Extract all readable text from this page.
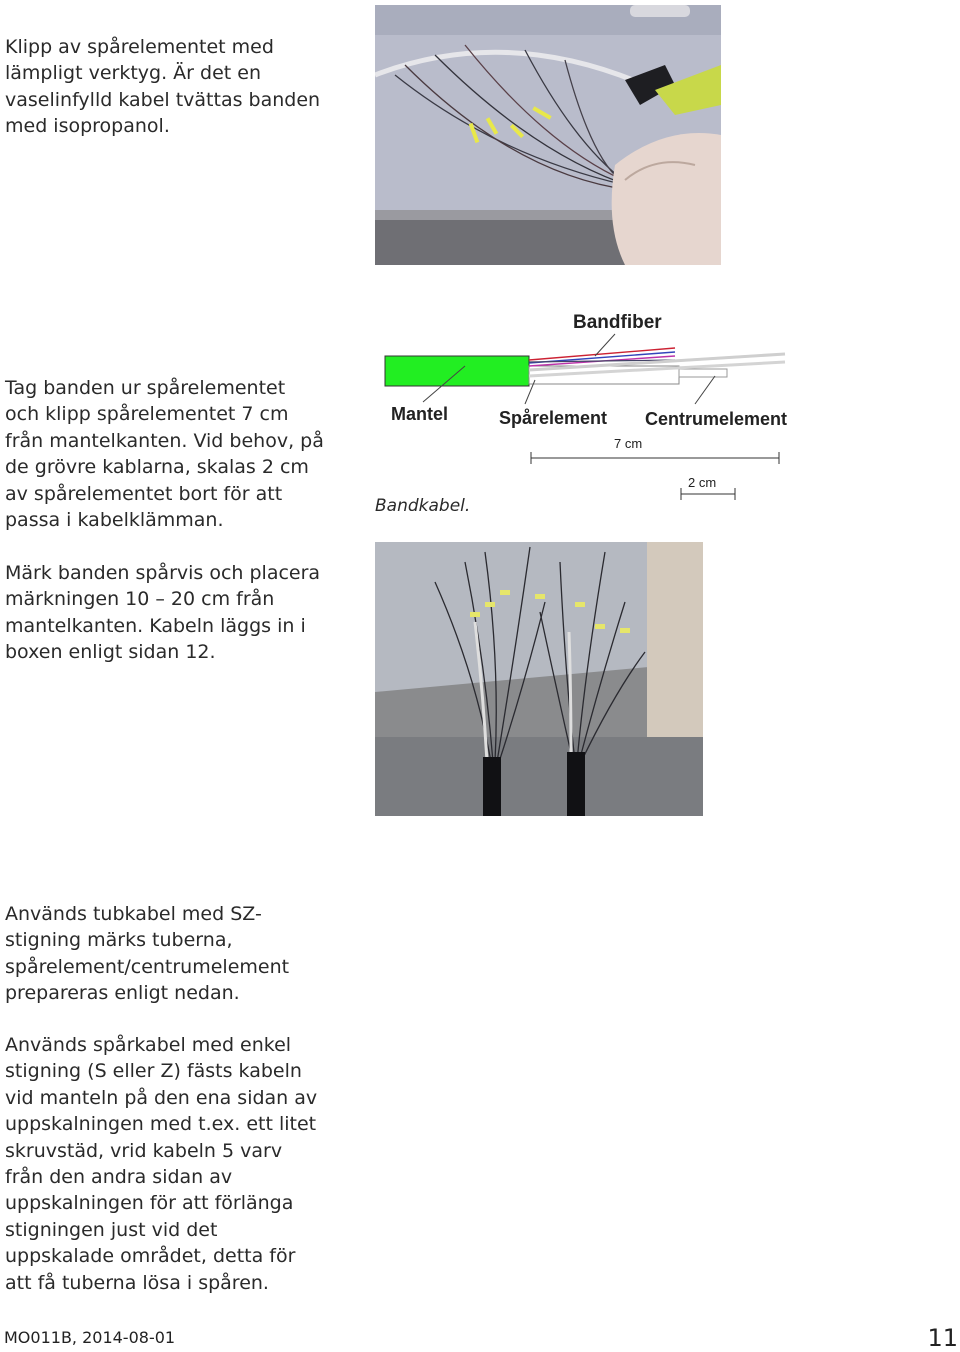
Klipp av spårelementet med lämpligt verktyg. Är det en vaselinfylld kabel tvättas banden med isopropanol.

Tag banden ur spårelementet och klipp spårelementet 7 cm från mantelkanten. Vid behov, på de grövre kablarna, skalas 2 cm av spårelementet bort för att passa i kabelklämman.

Märk banden spårvis och placera märkningen 10 – 20 cm från mantelkanten. Kabeln läggs in i boxen enligt sidan 12.

Används tubkabel med SZ-stigning märks tuberna, spårelement/centrumelement prepareras enligt nedan.

Används spårkabel med enkel stigning (S eller Z) fästs kabeln vid manteln på den ena sidan av uppskalningen med t.ex. ett litet skruvstäd, vrid kabeln 5 varv från den andra sidan av uppskalningen för att förlänga stigningen just vid det uppskalade området, detta för att få tuberna lösa i spåren.

Bandfiber
Mantel	Spårelement Centrumelement
7 cm
2 cm
Bandkabel.
MO011B, 2014-08-01	11
